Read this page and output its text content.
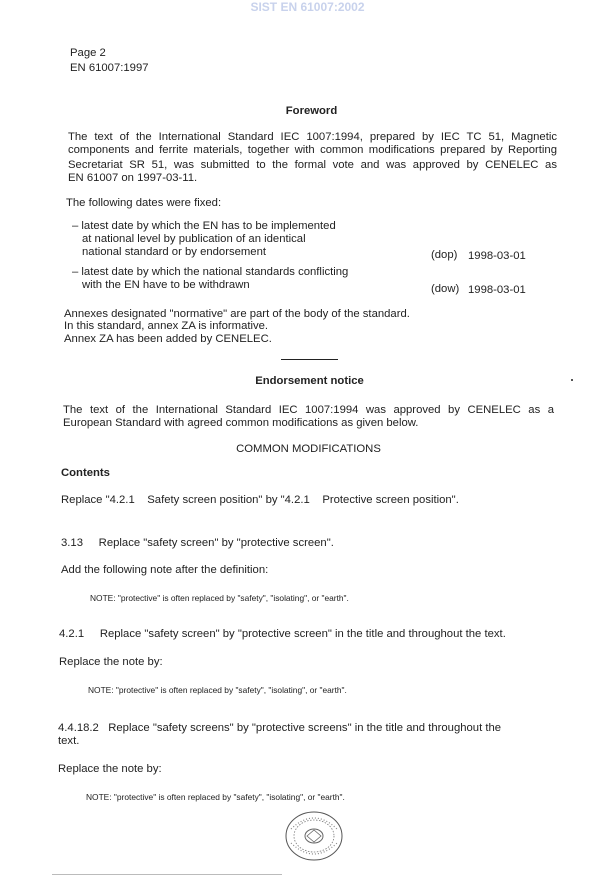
SIST EN 61007:2002
Page 2
EN 61007:1997
Foreword
The text of the International Standard IEC 1007:1994, prepared by IEC TC 51, Magnetic
components and ferrite materials, together with common modifications prepared by Reporting
Secretariat SR 51, was submitted to the formal vote and was approved by CENELEC as
EN 61007 on 1997-03-11.
The following dates were fixed:
– latest date by which the EN has to be implemented
at national level by publication of an identical
national standard or by endorsement	(dop) 1998-03-01
– latest date by which the national standards conflicting
with the EN have to be withdrawn	(dow) 1998-03-01
Annexes designated "normative" are part of the body of the standard.
In this standard, annex ZA is informative.
Annex ZA has been added by CENELEC.
Endorsement notice
The text of the International Standard IEC 1007:1994 was approved by CENELEC as a
European Standard with agreed common modifications as given below.
COMMON MODIFICATIONS
Contents
Replace "4.2.1    Safety screen position" by "4.2.1    Protective screen position".
3.13     Replace "safety screen" by "protective screen".
Add the following note after the definition:
NOTE: "protective" is often replaced by "safety", "isolating", or "earth".
4.2.1     Replace "safety screen" by "protective screen" in the title and throughout the text.
Replace the note by:
NOTE: "protective" is often replaced by "safety", "isolating", or "earth".
4.4.18.2   Replace "safety screens" by "protective screens" in the title and throughout the
text.
Replace the note by:
NOTE: "protective" is often replaced by "safety", "isolating", or "earth".
